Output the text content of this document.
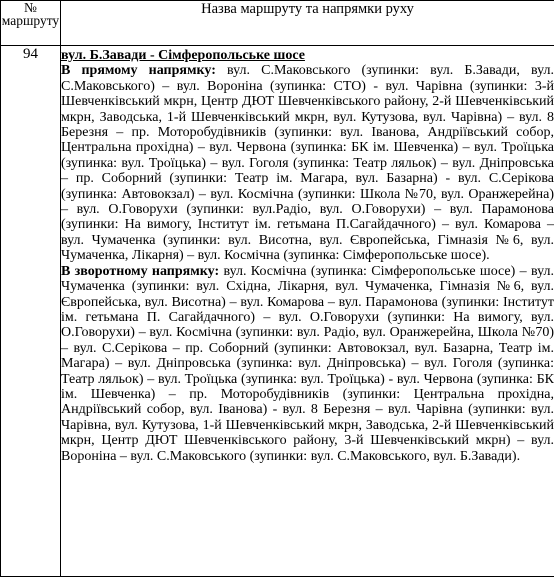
№ маршруту	Назва маршруту та напрямки руху
94	вул. Б.Завади - Сімферопольське шосе

В прямому напрямку: вул. С.Маковського (зупинки: вул. Б.Завади, вул. С.Маковського) – вул. Вороніна (зупинка: СТО) - вул. Чарівна (зупинки: 3-й Шевченківський мкрн, Центр ДЮТ Шевченківського району, 2-й Шевченківський мкрн, Заводська, 1-й Шевченківський мкрн, вул. Кутузова, вул. Чарівна) – вул. 8 Березня – пр. Моторобудівників (зупинки: вул. Іванова, Андріївський собор, Центральна прохідна) – вул. Червона (зупинка: БК ім. Шевченка) – вул. Троїцька (зупинка: вул. Троїцька) – вул. Гоголя (зупинка: Театр ляльок) – вул. Дніпровська – пр. Соборний (зупинки: Театр ім. Магара, вул. Базарна) - вул. С.Серікова (зупинка: Автовокзал) – вул. Космічна (зупинки: Школа №70, вул. Оранжерейна) – вул. О.Говорухи (зупинки: вул.Радіо, вул. О.Говорухи) – вул. Парамонова (зупинки: На вимогу, Інститут ім. гетьмана П.Сагайдачного) – вул. Комарова – вул. Чумаченка (зупинки: вул. Висотна, вул. Європейська, Гімназія №6, вул. Чумаченка, Лікарня) – вул. Космічна (зупинка: Сімферопольське шосе).

В зворотному напрямку: вул. Космічна (зупинка: Сімферопольське шосе) – вул. Чумаченка (зупинки: вул. Східна, Лікарня, вул. Чумаченка, Гімназія №6, вул. Європейська, вул. Висотна) – вул. Комарова – вул. Парамонова (зупинки: Інститут ім. гетьмана П. Сагайдачного) – вул. О.Говорухи (зупинки: На вимогу, вул. О.Говорухи) – вул. Космічна (зупинки: вул. Радіо, вул. Оранжерейна, Школа №70) – вул. С.Серікова – пр. Соборний (зупинки: Автовокзал, вул. Базарна, Театр ім. Магара) – вул. Дніпровська (зупинка: вул. Дніпровська) – вул. Гоголя (зупинка: Театр ляльок) – вул. Троїцька (зупинка: вул. Троїцька) - вул. Червона (зупинка: БК ім. Шевченка) – пр. Моторобудівників (зупинки: Центральна прохідна, Андріївський собор, вул. Іванова) - вул. 8 Березня – вул. Чарівна (зупинки: вул. Чарівна, вул. Кутузова, 1-й Шевченківський мкрн, Заводська, 2-й Шевченківський мкрн, Центр ДЮТ Шевченківського району, 3-й Шевченківський мкрн) – вул. Вороніна – вул. С.Маковського (зупинки: вул. С.Маковського, вул. Б.Завади).
